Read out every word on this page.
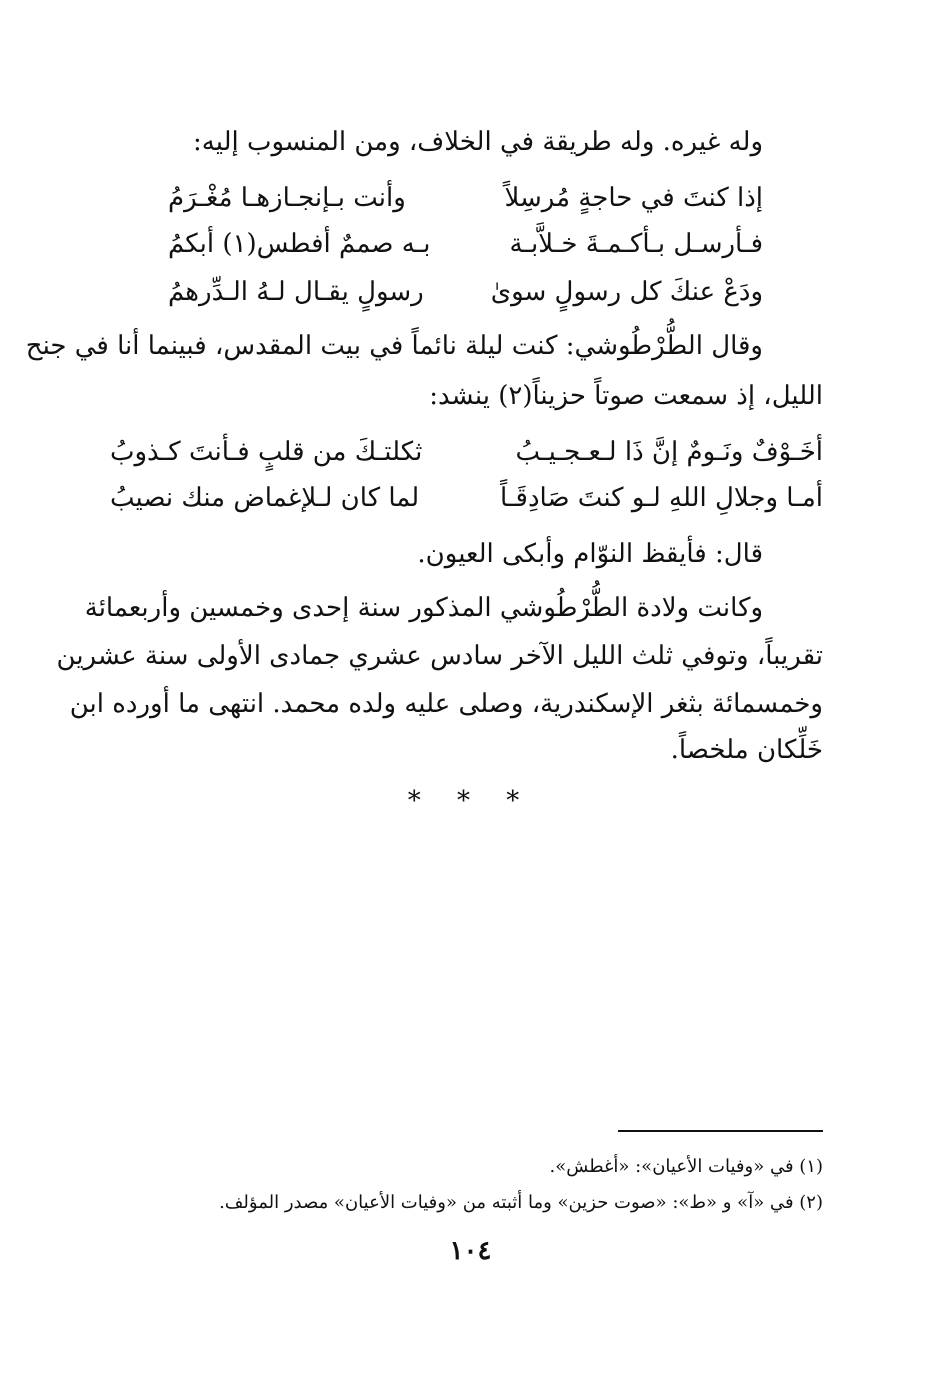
وله غيره. وله طريقة في الخلاف، ومن المنسوب إليه:
إذا كنتَ في حاجةٍ مُرسِلاً
وأنت بـإنجـازهـا مُغْـرَمُ
فـأرسـل بـأكـمـةَ خـلاَّبـة
بـه صممٌ أفطس(١) أبكمُ
ودَعْ عنكَ كل رسولٍ سوىٰ
رسولٍ يقـال لـهُ الـدِّرهمُ
وقال الطُّرْطُوشي: كنت ليلة نائماً في بيت المقدس، فبينما أنا في جنح
الليل، إذ سمعت صوتاً حزيناً(٢) ينشد:
أخَـوْفٌ ونَـومٌ إنَّ ذَا لـعـجـيـبُ
ثكلتـكَ من قلبٍ فـأنتَ كـذوبُ
أمـا وجلالِ اللهِ لـو كنتَ صَادِقَـاً
لما كان لـلإغماض منك نصيبُ
قال: فأيقظ النوّام وأبكى العيون.
وكانت ولادة الطُّرْطُوشي المذكور سنة إحدى وخمسين وأربعمائة
تقريباً، وتوفي ثلث الليل الآخر سادس عشري جمادى الأولى سنة عشرين
وخمسمائة بثغر الإسكندرية، وصلى عليه ولده محمد. انتهى ما أورده ابن
خَلِّكان ملخصاً.
* * *
(١) في «وفيات الأعيان»: «أغطش».
(٢) في «آ» و «ط»: «صوت حزين» وما أثبته من «وفيات الأعيان» مصدر المؤلف.
١٠٤
